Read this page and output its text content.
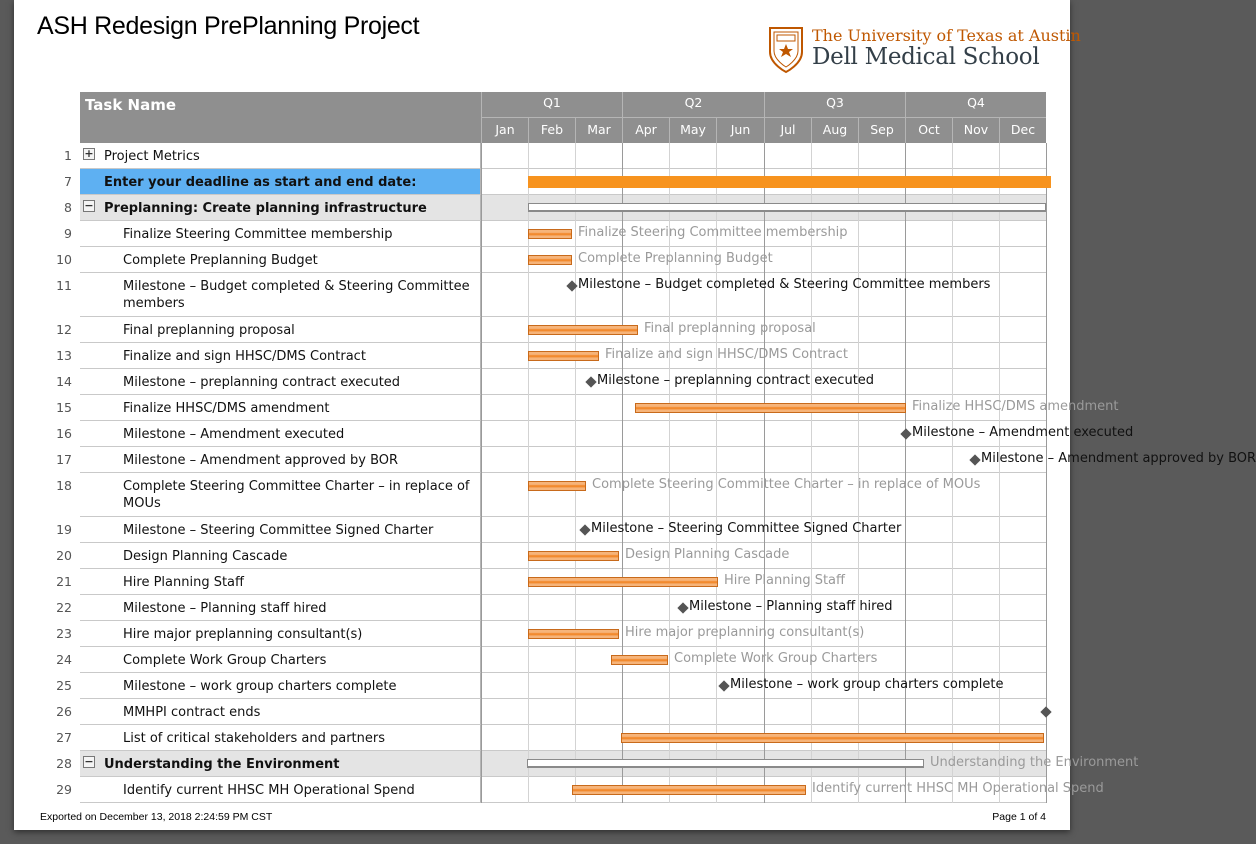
ASH Redesign PrePlanning Project	The University of Texas at Austin
Dell Medical School
Task Name	Q1	Q2	Q3	Q4
Jan	Feb	Mar	Apr	May	Jun	Jul	Aug	Sep	Oct	Nov	Dec
1 Project Metrics
+
7 Enter your deadline as start and end date:
8 Preplanning: Create planning infrastructure
−
9	Finalize Steering Committee membership
10	Complete Preplanning Budget
11	Milestone – Budget completed & Steering Committee
members
12	Final preplanning proposal
13	Finalize and sign HHSC/DMS Contract
14	Milestone – preplanning contract executed
15	Finalize HHSC/DMS amendment
16	Milestone – Amendment executed
17	Milestone – Amendment approved by BOR
18	Complete Steering Committee Charter – in replace of
MOUs
19	Milestone – Steering Committee Signed Charter
20	Design Planning Cascade
21	Hire Planning Staff
22	Milestone – Planning staff hired
23	Hire major preplanning consultant(s)
24	Complete Work Group Charters
25	Milestone – work group charters complete
26	MMHPI contract ends
27	List of critical stakeholders and partners
28 Understanding the Environment
−
29	Identify current HHSC MH Operational Spend
Finalize Steering Committee membership
Complete Preplanning Budget
Milestone – Budget completed & Steering Committee members
Final preplanning proposal
Finalize and sign HHSC/DMS Contract
Milestone – preplanning contract executed
Finalize HHSC/DMS amendment
Milestone – Amendment executed
Milestone – Amendment approved by BOR
Complete Steering Committee Charter – in replace of MOUs
Milestone – Steering Committee Signed Charter
Design Planning Cascade
Hire Planning Staff
Milestone – Planning staff hired
Hire major preplanning consultant(s)
Complete Work Group Charters
Milestone – work group charters complete
Understanding the Environment
Identify current HHSC MH Operational Spend
Exported on December 13, 2018 2:24:59 PM CST	Page 1 of 4
